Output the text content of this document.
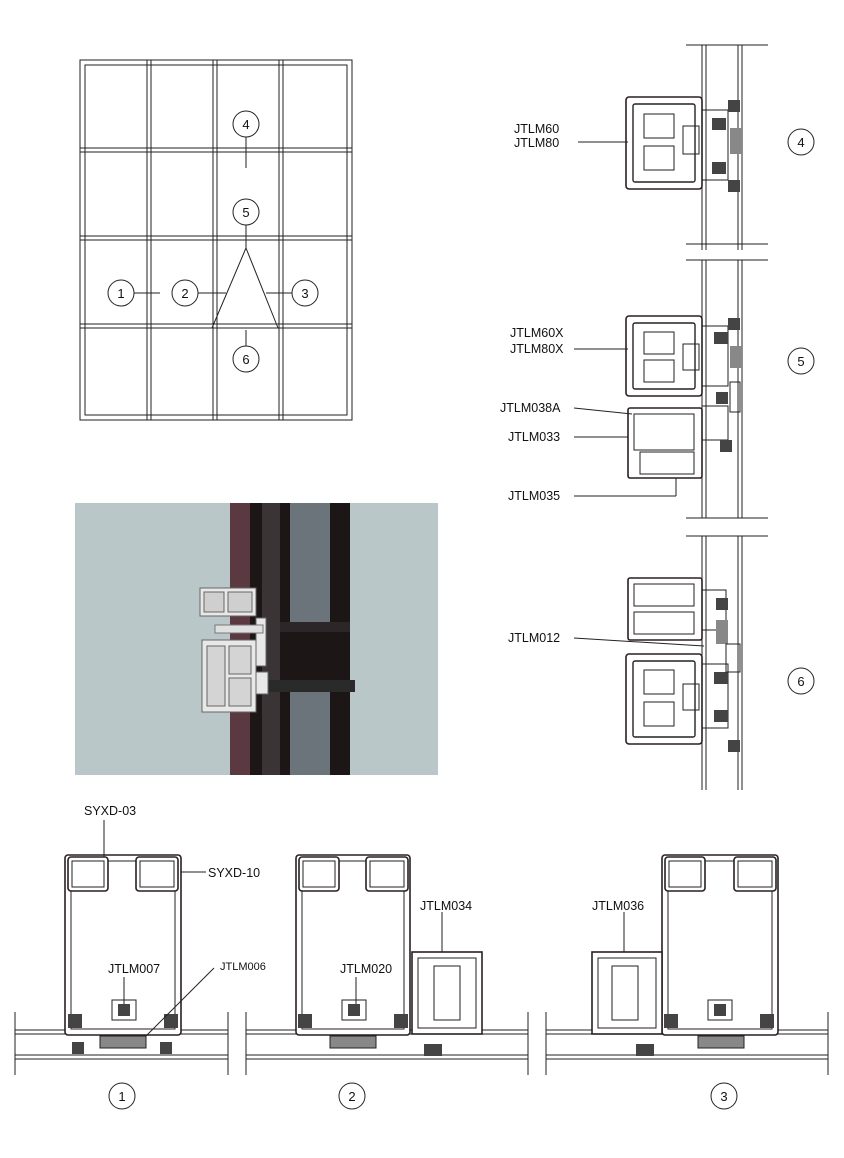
4
5
1	2	3
6
JTLM60
JTLM80	4
JTLM60X
JTLM80X
JTLM038A
JTLM033
JTLM035
5
JTLM012
6
SYXD-03
SYXD-10
JTLM007	JTLM006
1
JTLM034
JTLM020
2
JTLM036
3
